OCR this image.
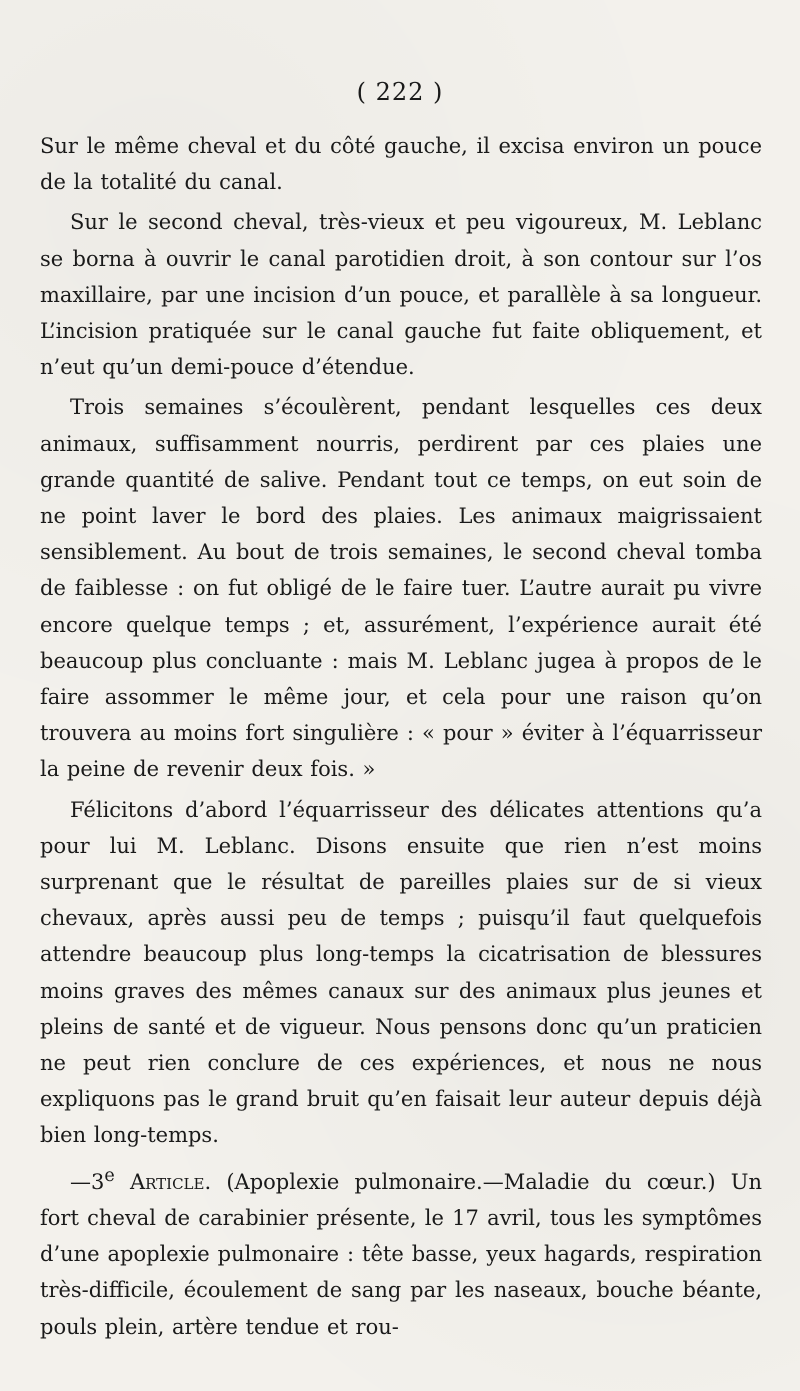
( 222 )

Sur le même cheval et du côté gauche, il excisa environ un pouce de la totalité du canal.

Sur le second cheval, très-vieux et peu vigoureux, M. Leblanc se borna à ouvrir le canal parotidien droit, à son contour sur l’os maxillaire, par une incision d’un pouce, et parallèle à sa longueur. L’incision pratiquée sur le canal gauche fut faite obliquement, et n’eut qu’un demi-pouce d’étendue.

Trois semaines s’écoulèrent, pendant lesquelles ces deux animaux, suffisamment nourris, perdirent par ces plaies une grande quantité de salive. Pendant tout ce temps, on eut soin de ne point laver le bord des plaies. Les animaux maigrissaient sensiblement. Au bout de trois semaines, le second cheval tomba de faiblesse : on fut obligé de le faire tuer. L’autre aurait pu vivre encore quelque temps ; et, assurément, l’expérience aurait été beaucoup plus concluante : mais M. Leblanc jugea à propos de le faire assommer le même jour, et cela pour une raison qu’on trouvera au moins fort singulière : « pour » éviter à l’équarrisseur la peine de revenir deux fois. »

Félicitons d’abord l’équarrisseur des délicates attentions qu’a pour lui M. Leblanc. Disons ensuite que rien n’est moins surprenant que le résultat de pareilles plaies sur de si vieux chevaux, après aussi peu de temps ; puisqu’il faut quelquefois attendre beaucoup plus long-temps la cicatrisation de blessures moins graves des mêmes canaux sur des animaux plus jeunes et pleins de santé et de vigueur. Nous pensons donc qu’un praticien ne peut rien conclure de ces expériences, et nous ne nous expliquons pas le grand bruit qu’en faisait leur auteur depuis déjà bien long-temps.

—3e Article. (Apoplexie pulmonaire.—Maladie du cœur.) Un fort cheval de carabinier présente, le 17 avril, tous les symptômes d’une apoplexie pulmonaire : tête basse, yeux hagards, respiration très-difficile, écoulement de sang par les naseaux, bouche béante, pouls plein, artère tendue et rou-
